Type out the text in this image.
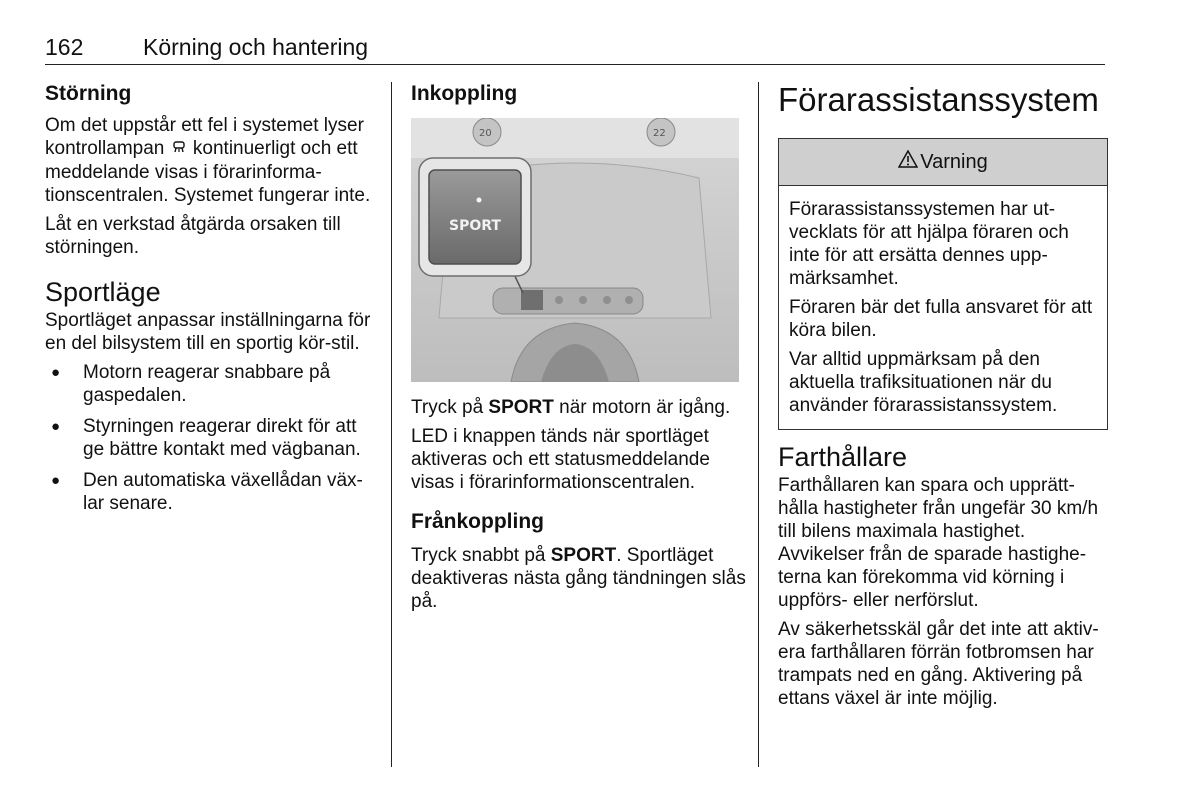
162	Körning och hantering
Störning

Om det uppstår ett fel i systemet lyser kontrollampan kontinuerligt och ett meddelande visas i förarinforma-tionscentralen. Systemet fungerar inte.

Låt en verkstad åtgärda orsaken till störningen.

Sportläge

Sportläget anpassar inställningarna för en del bilsystem till en sportig kör-stil.

● Motorn reagerar snabbare på gaspedalen.
● Styrningen reagerar direkt för att ge bättre kontakt med vägbanan.
● Den automatiska växellådan väx-lar senare.
Inkoppling
20	22
SPORT

Tryck på SPORT när motorn är igång.

LED i knappen tänds när sportläget aktiveras och ett statusmeddelande visas i förarinformationscentralen.

Frånkoppling

Tryck snabbt på SPORT. Sportläget deaktiveras nästa gång tändningen slås på.

Förarassistanssystem
Varning

Förarassistanssystemen har ut-vecklats för att hjälpa föraren och inte för att ersätta dennes upp-märksamhet.

Föraren bär det fulla ansvaret för att köra bilen.

Var alltid uppmärksam på den aktuella trafiksituationen när du använder förarassistanssystem.

Farthållare

Farthållaren kan spara och upprätt-hålla hastigheter från ungefär 30 km/h till bilens maximala hastighet. Avvikelser från de sparade hastighe-terna kan förekomma vid körning i uppförs- eller nerförslut.

Av säkerhetsskäl går det inte att aktiv-era farthållaren förrän fotbromsen har trampats ned en gång. Aktivering på ettans växel är inte möjlig.
